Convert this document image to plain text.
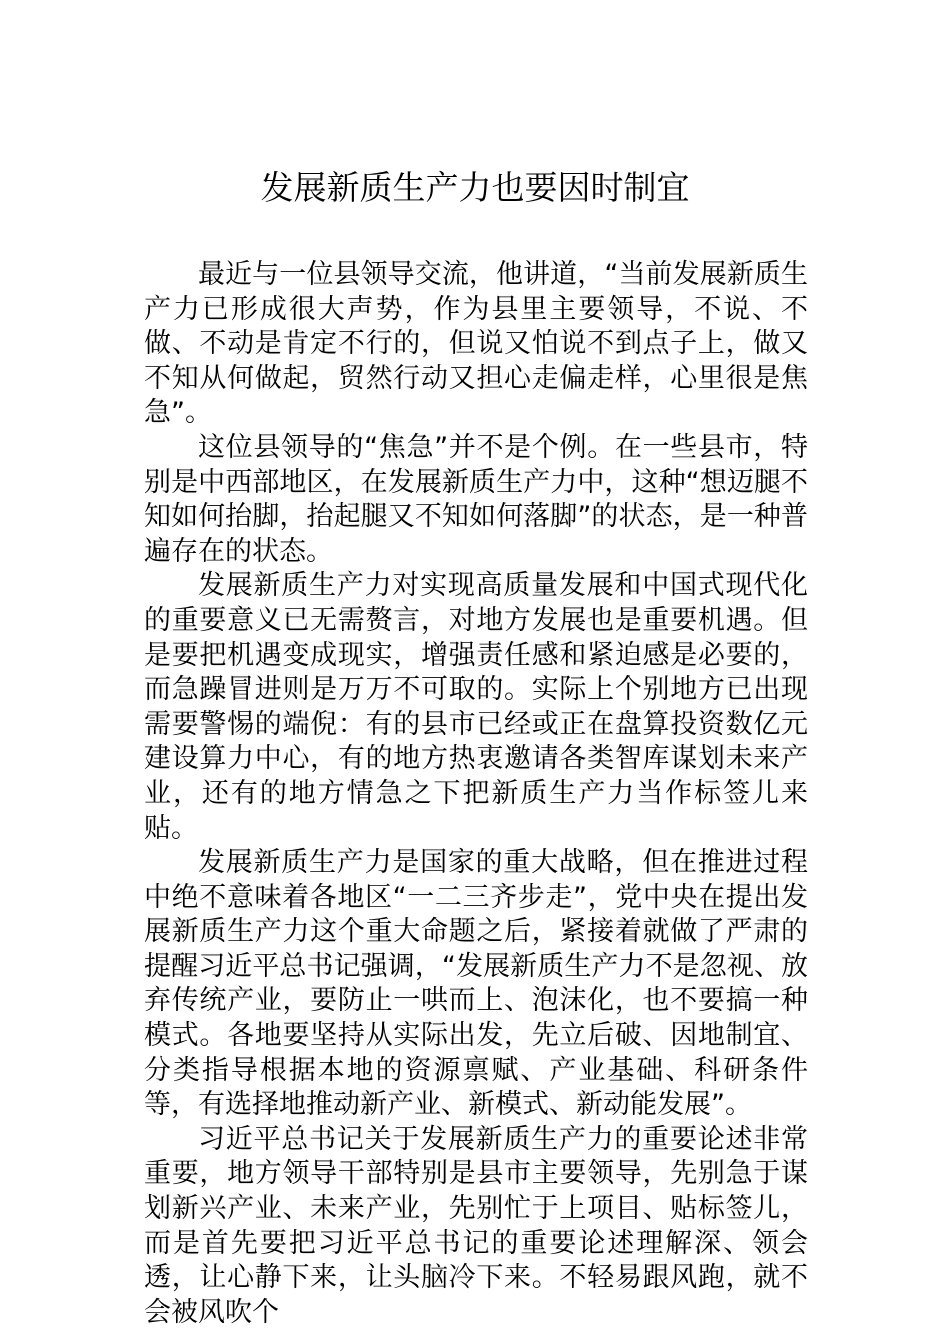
发展新质生产力也要因时制宜

最近与一位县领导交流，他讲道，“当前发展新质生产力已形成很大声势，作为县里主要领导，不说、不做、不动是肯定不行的，但说又怕说不到点子上，做又不知从何做起，贸然行动又担心走偏走样，心里很是焦急”。

这位县领导的“焦急”并不是个例。在一些县市，特别是中西部地区，在发展新质生产力中，这种“想迈腿不知如何抬脚，抬起腿又不知如何落脚”的状态，是一种普遍存在的状态。

发展新质生产力对实现高质量发展和中国式现代化的重要意义已无需赘言，对地方发展也是重要机遇。但是要把机遇变成现实，增强责任感和紧迫感是必要的，而急躁冒进则是万万不可取的。实际上个别地方已出现需要警惕的端倪：有的县市已经或正在盘算投资数亿元建设算力中心，有的地方热衷邀请各类智库谋划未来产业，还有的地方情急之下把新质生产力当作标签儿来贴。

发展新质生产力是国家的重大战略，但在推进过程中绝不意味着各地区“一二三齐步走”，党中央在提出发展新质生产力这个重大命题之后，紧接着就做了严肃的提醒习近平总书记强调，“发展新质生产力不是忽视、放弃传统产业，要防止一哄而上、泡沫化，也不要搞一种模式。各地要坚持从实际出发，先立后破、因地制宜、分类指导根据本地的资源禀赋、产业基础、科研条件等，有选择地推动新产业、新模式、新动能发展”。

习近平总书记关于发展新质生产力的重要论述非常重要，地方领导干部特别是县市主要领导，先别急于谋划新兴产业、未来产业，先别忙于上项目、贴标签儿，而是首先要把习近平总书记的重要论述理解深、领会透，让心静下来，让头脑冷下来。不轻易跟风跑，就不会被风吹个
